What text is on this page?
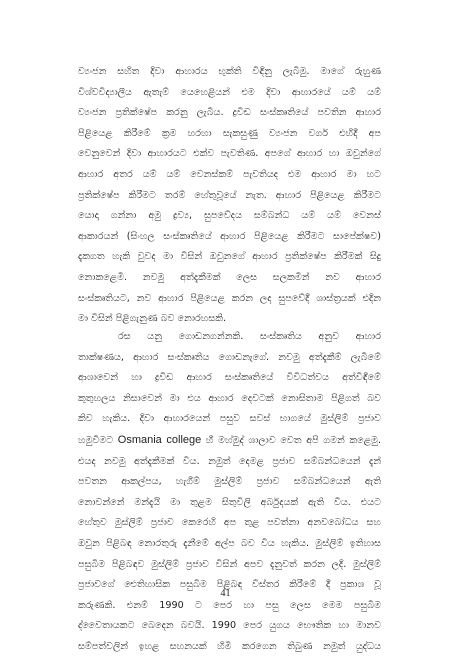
ව්‍යංජන සහිත දිවා ආහාරය භුක්ති විඳිනු ලැබිමු. මාගේ රුහුණ
විශ්වවිද්‍යාලීය ඇතැම් යෙහෙළියන් එම දිවා ආහාරයේ යම් යම්
ව්‍යංජන ප්‍රතික්ෂේප කරනු ලැබීය. ද්‍රවිඩ සංස්කෘතියේ පවතින ආහාර
පිළියෙළ කිරීමේ ක්‍රම හරහා සැකසුණු ව්‍යංජන වර්ග එහිදී අප
වෙනුවෙන් දිවා ආහාරයට එක්ව පැවතිණ. අපගේ ආහාර හා ඔවුන්ගේ
ආහාර අතර යම් යම් වෙනස්කම් පැවතියද එම ආහාර මා හට
ප්‍රතික්ෂේප කිරීමට තරම් හේතුවූයේ නැත. ආහාර පිළියෙළ කිරීමට
යොදා ගන්නා අමු ද්‍රව්‍ය, සුපවේදය සම්බන්ධ යම් යම් වෙනස්
ආකාරයන් (සිංහල සංස්කෘතියේ ආහාර පිළියෙළ කිරීමට සාපේක්ෂව)
දැකගත හැකි වුවද මා විසින් ඔවුනගේ ආහාර ප්‍රතික්ෂේප කිරීමක් සිදු
නොකළෙමි. නවමු අත්දැකීමක් ලෙස සලකමින් නව ආහාර
සංස්කෘතියට, නව ආහාර පිළියෙළ කරන ලද සුපවේදී ශාස්ත්‍රයක් එදින
මා විසින් පිළිගැනුණ බව නොරහසකි.
රස යනු ගොඩනගන්නකි. සංස්කෘතිය අනුව ආහාර
තාක්ෂණය, ආහාර සංස්කෘතිය ගොඩනැගේ. නවමු අත්දැකීම් ලැබීමේ
ආශාවෙන් හා ද්‍රවිඩ ආහාර සංස්කෘතියේ විවිධත්වය අත්විඳීමේ
කුතුහලය නිසාවෙන් මා එය ආහාර දෙවටක් නොසිතාම පිළිගත් බව
කිව හැකිය. දිවා ආහාරයෙන් පසුව සවස් භාගයේ මුස්ලිම් ප්‍රජාව
හමුවීමට Osmania college හී මහ්මුද් ශාලාව වෙත අපි ගමන් කළෙමු.
එයද නවමු අත්දැකීමක් විය. නමුත් දෙමළ ප්‍රජාව සම්බන්ධයෙන් දැන්
පවතන ආකල්පය, හැගීම් මුස්ලිම් ප්‍රජාව සම්බන්ධයෙන් ඇති
නොවන්නේ මන්දැයි මා තුළම සිතුවිලි අර්බුදයක් ඇති විය. එයට
හේතුව මුස්ලිම් ප්‍රජාව කෙරෙහි අප තුළ පවත්නා අනවබෝධය සහ
ඔවුන පිළිබඳ නොරතුරු දැනීමේ අල්ප බව විය හැකිය. මුස්ලිම් ඉතිහාස
පසුබිම පිළිබඳව මුස්ලිම් ප්‍රජාව විසින් අපව දැනුවත් කරන ලදි. මුස්ලිම්
ප්‍රජාවගේ ඓතිහාසික පසුබිම පිළිබඳ විස්තර කිරීමේ දී ප්‍රකාශ වූ
කරුණකි. එනම් 1990 ට පෙර හා පසු ලෙස මෙම පසුබිම
ද්වෛතායකට බෙදෙන බවයි. 1990 පෙර යුගය භෞතික හා මානව
සම්පත්වලින් ඉහළ සහනයක් හිමි කරගෙන තිබුණ නමුත් යුද්ධය
41
